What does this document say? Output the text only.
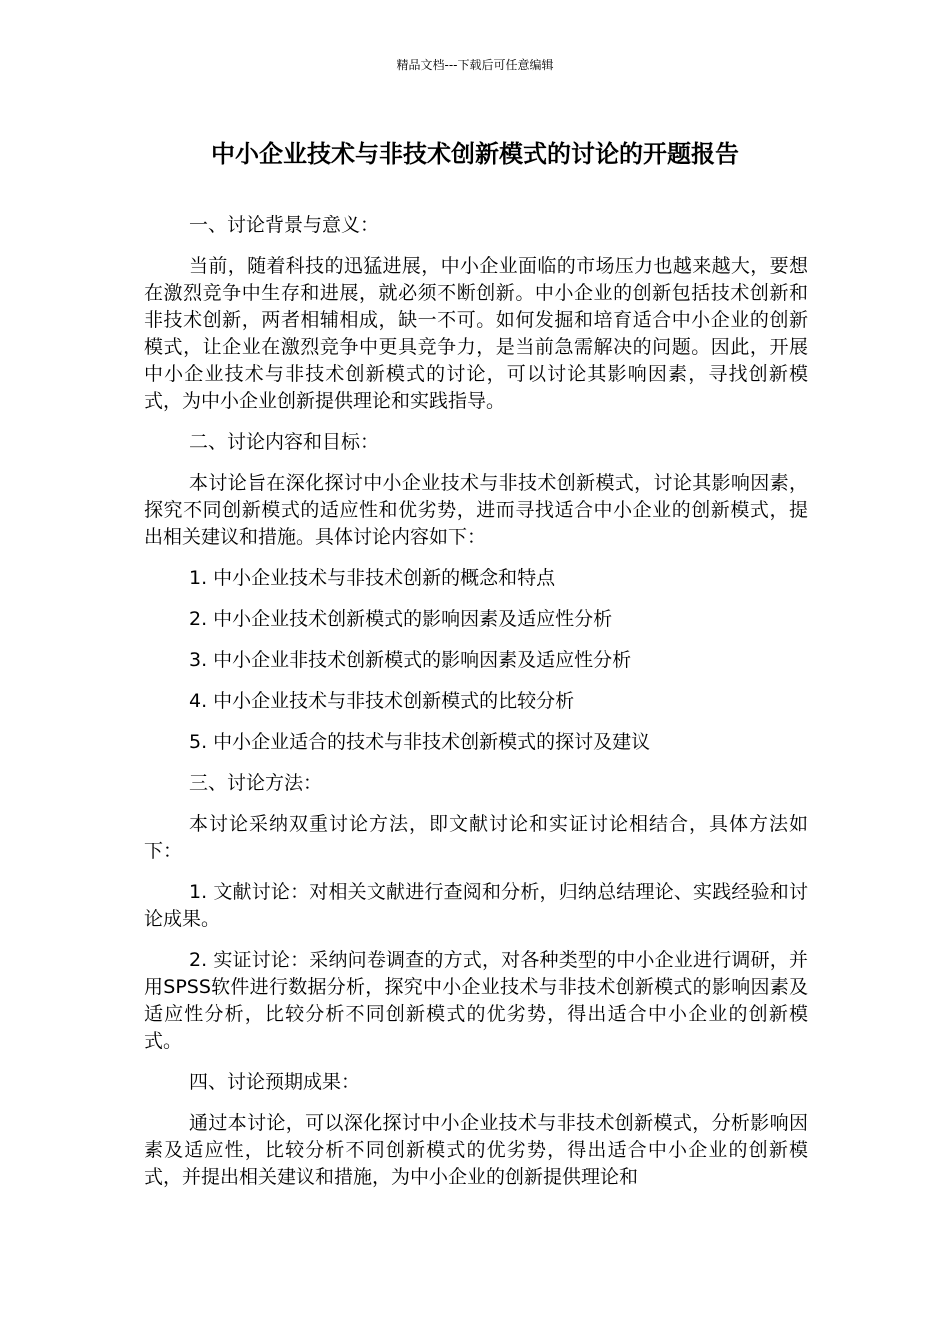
精品文档---下载后可任意编辑
中小企业技术与非技术创新模式的讨论的开题报告

一、讨论背景与意义：

当前，随着科技的迅猛进展，中小企业面临的市场压力也越来越大，要想在激烈竞争中生存和进展，就必须不断创新。中小企业的创新包括技术创新和非技术创新，两者相辅相成，缺一不可。如何发掘和培育适合中小企业的创新模式，让企业在激烈竞争中更具竞争力，是当前急需解决的问题。因此，开展中小企业技术与非技术创新模式的讨论，可以讨论其影响因素，寻找创新模式，为中小企业创新提供理论和实践指导。

二、讨论内容和目标：

本讨论旨在深化探讨中小企业技术与非技术创新模式，讨论其影响因素，探究不同创新模式的适应性和优劣势，进而寻找适合中小企业的创新模式，提出相关建议和措施。具体讨论内容如下：

1. 中小企业技术与非技术创新的概念和特点

2. 中小企业技术创新模式的影响因素及适应性分析

3. 中小企业非技术创新模式的影响因素及适应性分析

4. 中小企业技术与非技术创新模式的比较分析

5. 中小企业适合的技术与非技术创新模式的探讨及建议

三、讨论方法：

本讨论采纳双重讨论方法，即文献讨论和实证讨论相结合，具体方法如下：

1. 文献讨论：对相关文献进行查阅和分析，归纳总结理论、实践经验和讨论成果。

2. 实证讨论：采纳问卷调查的方式，对各种类型的中小企业进行调研，并用SPSS软件进行数据分析，探究中小企业技术与非技术创新模式的影响因素及适应性分析，比较分析不同创新模式的优劣势，得出适合中小企业的创新模式。

四、讨论预期成果：

通过本讨论，可以深化探讨中小企业技术与非技术创新模式，分析影响因素及适应性，比较分析不同创新模式的优劣势，得出适合中小企业的创新模式，并提出相关建议和措施，为中小企业的创新提供理论和
